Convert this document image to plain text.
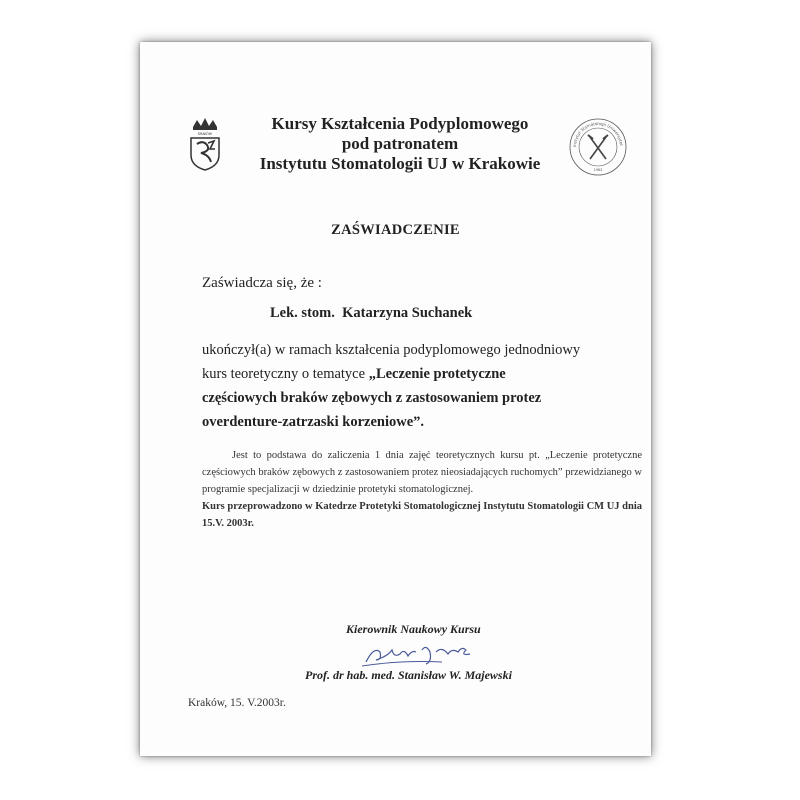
KRAKÓW
Kursy Kształcenia Podyplomowego
pod patronatem
Instytutu Stomatologii UJ w Krakowie
Instytut Stomatologii Uniwersytet
1963
ZAŚWIADCZENIE
Zaświadcza się, że :
Lek. stom.  Katarzyna Suchanek
ukończył(a) w ramach kształcenia podyplomowego jednodniowy
kurs teoretyczny o tematyce „Leczenie protetyczne
częściowych braków zębowych z zastosowaniem protez
overdenture-zatrzaski korzeniowe”.
Jest to podstawa do zaliczenia 1 dnia zajęć teoretycznych kursu pt. „Leczenie protetyczne częściowych braków zębowych z zastosowaniem protez nieosiadających ruchomych” przewidzianego w programie specjalizacji w dziedzinie protetyki stomatologicznej.
Kurs przeprowadzono w Katedrze Protetyki Stomatologicznej Instytutu Stomatologii CM UJ dnia 15.V. 2003r.
Kierownik Naukowy Kursu
Prof. dr hab. med. Stanisław W. Majewski
Kraków, 15. V.2003r.
